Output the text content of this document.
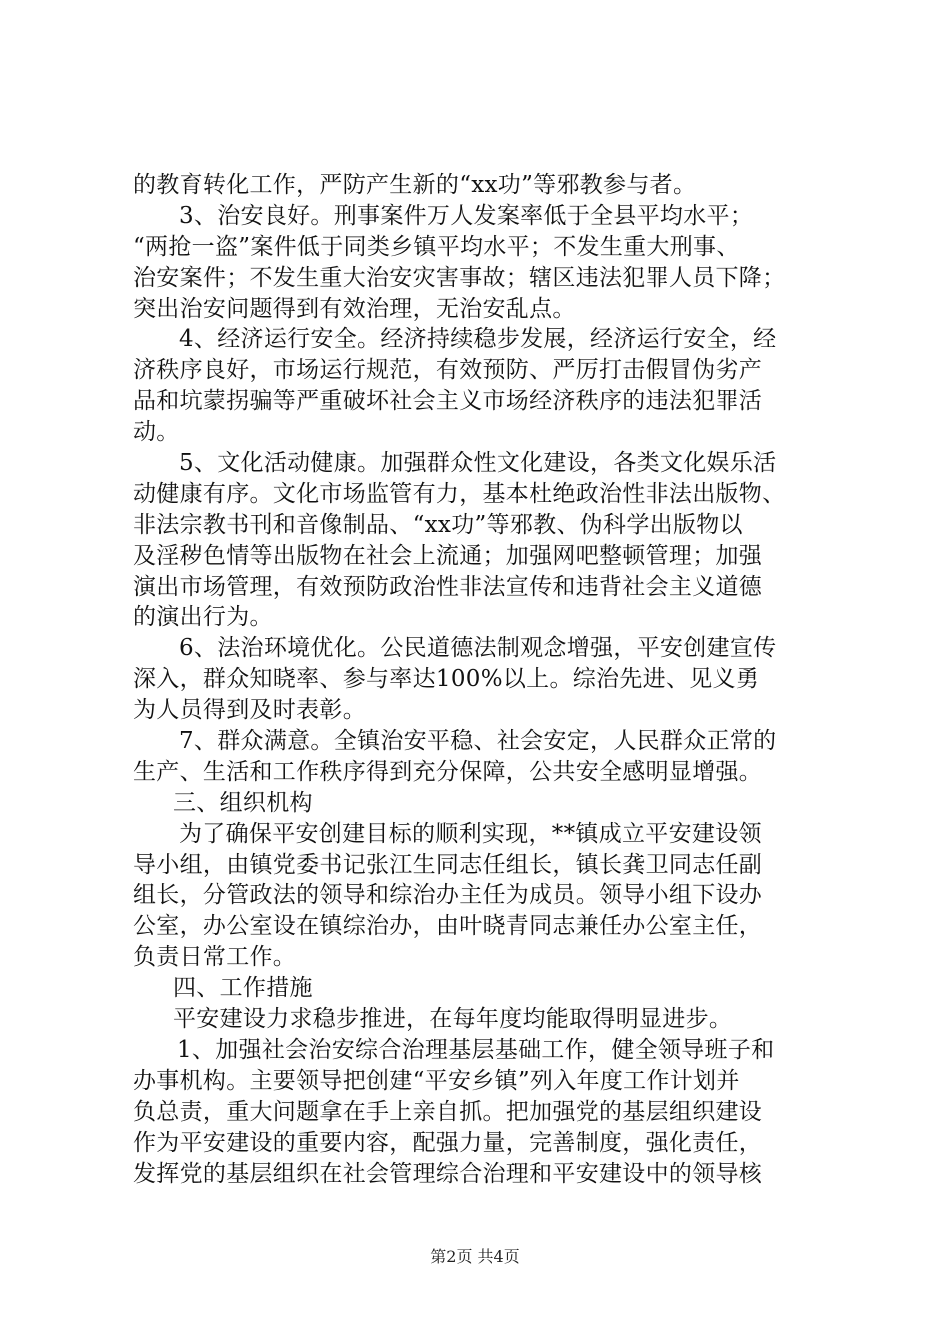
的教育转化工作，严防产生新的“xx功”等邪教参与者。
3、治安良好。刑事案件万人发案率低于全县平均水平；
“两抢一盗”案件低于同类乡镇平均水平；不发生重大刑事、
治安案件；不发生重大治安灾害事故；辖区违法犯罪人员下降；
突出治安问题得到有效治理，无治安乱点。
4、经济运行安全。经济持续稳步发展，经济运行安全，经
济秩序良好，市场运行规范，有效预防、严厉打击假冒伪劣产
品和坑蒙拐骗等严重破坏社会主义市场经济秩序的违法犯罪活
动。
5、文化活动健康。加强群众性文化建设，各类文化娱乐活
动健康有序。文化市场监管有力，基本杜绝政治性非法出版物、
非法宗教书刊和音像制品、“xx功”等邪教、伪科学出版物以
及淫秽色情等出版物在社会上流通；加强网吧整顿管理；加强
演出市场管理，有效预防政治性非法宣传和违背社会主义道德
的演出行为。
6、法治环境优化。公民道德法制观念增强，平安创建宣传
深入，群众知晓率、参与率达100%以上。综治先进、见义勇
为人员得到及时表彰。
7、群众满意。全镇治安平稳、社会安定，人民群众正常的
生产、生活和工作秩序得到充分保障，公共安全感明显增强。
三、组织机构
为了确保平安创建目标的顺利实现，**镇成立平安建设领
导小组，由镇党委书记张江生同志任组长，镇长龚卫同志任副
组长，分管政法的领导和综治办主任为成员。领导小组下设办
公室，办公室设在镇综治办，由叶晓青同志兼任办公室主任，
负责日常工作。
四、工作措施
平安建设力求稳步推进，在每年度均能取得明显进步。
1、加强社会治安综合治理基层基础工作，健全领导班子和
办事机构。主要领导把创建“平安乡镇”列入年度工作计划并
负总责，重大问题拿在手上亲自抓。把加强党的基层组织建设
作为平安建设的重要内容，配强力量，完善制度，强化责任，
发挥党的基层组织在社会管理综合治理和平安建设中的领导核
第2页 共4页
